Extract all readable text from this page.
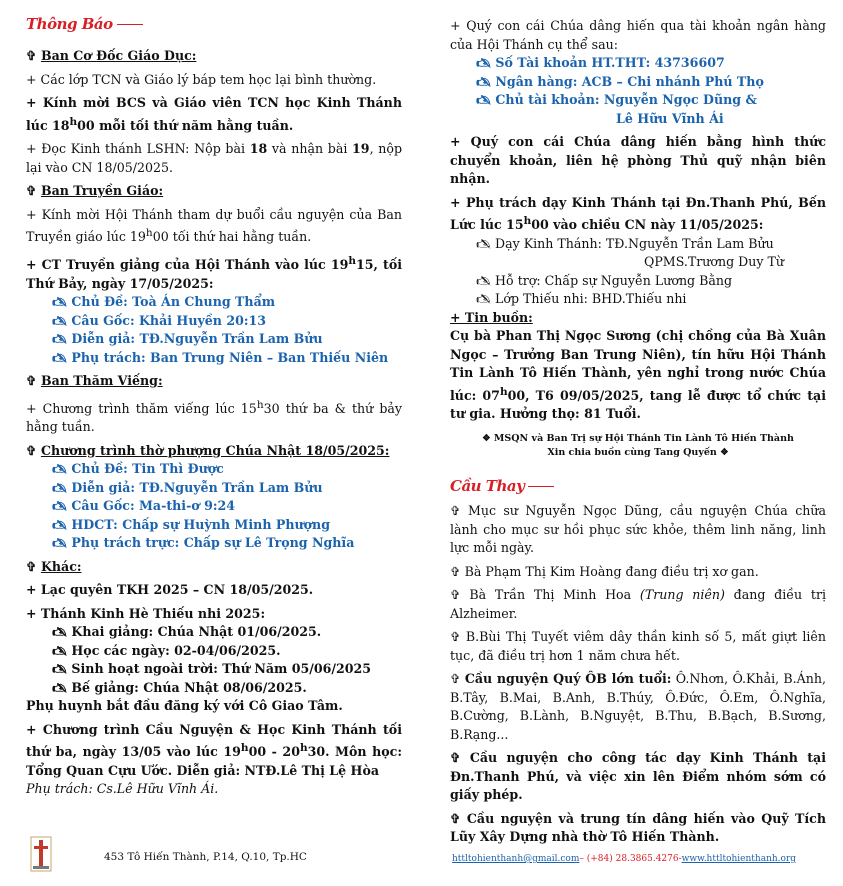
Thông Báo

✞ Ban Cơ Đốc Giáo Dục:

+ Các lớp TCN và Giáo lý báp tem học lại bình thường.

+ Kính mời BCS và Giáo viên TCN học Kinh Thánh lúc 18$^h$00 mỗi tối thứ năm hằng tuần.

+ Đọc Kinh thánh LSHN: Nộp bài 18 và nhận bài 19, nộp lại vào CN 18/05/2025.

✞ Ban Truyền Giáo:

+ Kính mời Hội Thánh tham dự buổi cầu nguyện của Ban Truyền giáo lúc 19$^h$00 tối thứ hai hằng tuần.

+ CT Truyền giảng của Hội Thánh vào lúc 19$^h$15, tối Thứ Bảy, ngày 17/05/2025:

🖎 Chủ Đề: Toà Án Chung Thẩm

🖎 Câu Gốc: Khải Huyền 20:13

🖎 Diễn giả: TĐ.Nguyễn Trần Lam Bửu

🖎 Phụ trách: Ban Trung Niên – Ban Thiếu Niên

✞ Ban Thăm Viếng:

+ Chương trình thăm viếng lúc 15$^h$30 thứ ba & thứ bảy hằng tuần.

✞ Chương trình thờ phượng Chúa Nhật 18/05/2025:

🖎 Chủ Đề: Tin Thì Được

🖎 Diễn giả: TĐ.Nguyễn Trần Lam Bửu

🖎 Câu Gốc: Ma-thi-ơ 9:24

🖎 HDCT: Chấp sự Huỳnh Minh Phượng

🖎 Phụ trách trực: Chấp sự Lê Trọng Nghĩa

✞ Khác:

+ Lạc quyên TKH 2025 – CN 18/05/2025.

+ Thánh Kinh Hè Thiếu nhi 2025:

🖎 Khai giảng: Chúa Nhật 01/06/2025.

🖎 Học các ngày: 02-04/06/2025.

🖎 Sinh hoạt ngoài trời: Thứ Năm 05/06/2025

🖎 Bế giảng: Chúa Nhật 08/06/2025.

Phụ huynh bắt đầu đăng ký với Cô Giao Tâm.

+ Chương trình Cầu Nguyện & Học Kinh Thánh tối thứ ba, ngày 13/05 vào lúc 19$^h$00 - 20$^h$30. Môn học: Tổng Quan Cựu Ước. Diễn giả: NTĐ.Lê Thị Lệ Hòa

Phụ trách: Cs.Lê Hữu Vĩnh Ái.

453 Tô Hiến Thành, P.14, Q.10, Tp.HC

+ Quý con cái Chúa dâng hiến qua tài khoản ngân hàng của Hội Thánh cụ thể sau:

🖎 Số Tài khoản HT.THT: 43736607

🖎 Ngân hàng: ACB – Chi nhánh Phú Thọ

🖎 Chủ tài khoản: Nguyễn Ngọc Dũng &

Lê Hữu Vĩnh Ái

+ Quý con cái Chúa dâng hiến bằng hình thức chuyển khoản, liên hệ phòng Thủ quỹ nhận biên nhận.

+ Phụ trách dạy Kinh Thánh tại Đn.Thanh Phú, Bến Lức lúc 15$^h$00 vào chiều CN này 11/05/2025:

🖎 Dạy Kinh Thánh: TĐ.Nguyễn Trần Lam Bửu

QPMS.Trương Duy Từ

🖎 Hỗ trợ: Chấp sự Nguyễn Lương Bằng

🖎 Lớp Thiếu nhi: BHD.Thiếu nhi

+ Tin buồn:

Cụ bà Phan Thị Ngọc Sương (chị chồng của Bà Xuân Ngọc – Trưởng Ban Trung Niên), tín hữu Hội Thánh Tin Lành Tô Hiến Thành, yên nghỉ trong nước Chúa lúc: 07$^h$00, T6 09/05/2025, tang lễ được tổ chức tại tư gia. Hưởng thọ: 81 Tuổi.

❖ MSQN và Ban Trị sự Hội Thánh Tin Lành Tô Hiến Thành

Xin chia buồn cùng Tang Quyến ❖

Cầu Thay

✞ Mục sư Nguyễn Ngọc Dũng, cầu nguyện Chúa chữa lành cho mục sư hồi phục sức khỏe, thêm linh năng, linh lực mỗi ngày.

✞ Bà Phạm Thị Kim Hoàng đang điều trị xơ gan.

✞ Bà Trần Thị Minh Hoa (Trung niên) đang điều trị Alzheimer.

✞ B.Bùi Thị Tuyết viêm dây thần kinh số 5, mất giựt liên tục, đã điều trị hơn 1 năm chưa hết.

✞ Cầu nguyện Quý ÔB lớn tuổi: Ô.Nhơn, Ô.Khải, B.Ánh, B.Tây, B.Mai, B.Anh, B.Thúy, Ô.Đức, Ô.Em, Ô.Nghĩa, B.Cường, B.Lành, B.Nguyệt, B.Thu, B.Bạch, B.Sương, B.Rạng...

✞ Cầu nguyện cho công tác dạy Kinh Thánh tại Đn.Thanh Phú, và việc xin lên Điểm nhóm sớm có giấy phép.

✞ Cầu nguyện và trung tín dâng hiến vào Quỹ Tích Lũy Xây Dựng nhà thờ Tô Hiến Thành.

httltohienthanh@gmail.com– (+84) 28.3865.4276-www.httltohienthanh.org
